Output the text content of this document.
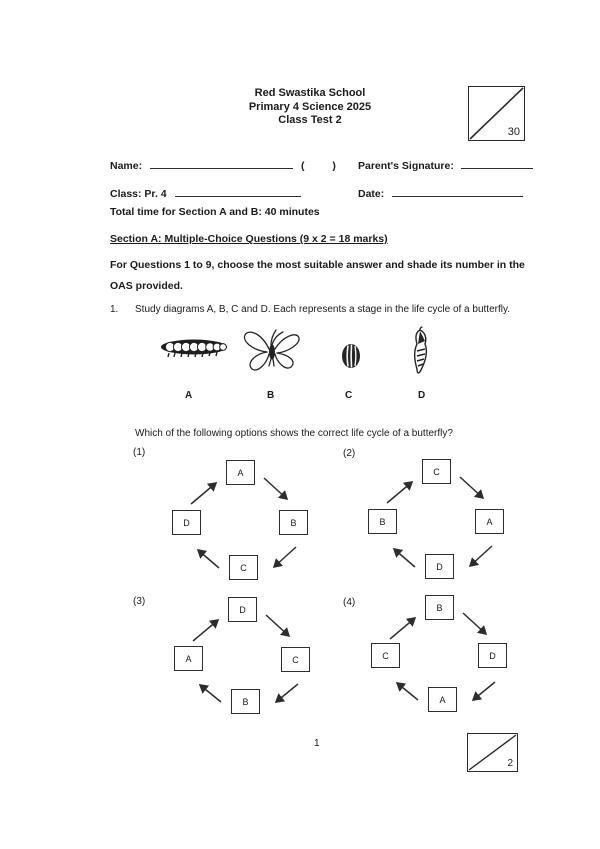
Red Swastika School
Primary 4 Science 2025
Class Test 2
30
Name:	(	) Parent's Signature:
Class: Pr. 4	Date:
Total time for Section A and B: 40 minutes
Section A: Multiple-Choice Questions (9 x 2 = 18 marks)
For Questions 1 to 9, choose the most suitable answer and shade its number in the
OAS provided.
1. Study diagrams A, B, C and D. Each represents a stage in the life cycle of a butterfly.
A	B	C	D
Which of the following options shows the correct life cycle of a butterfly?
(1)	(2)
(3)	(4)
A
B
C
D
C
A
D
B
D
C
B
A
B
D
A
C
1
2
